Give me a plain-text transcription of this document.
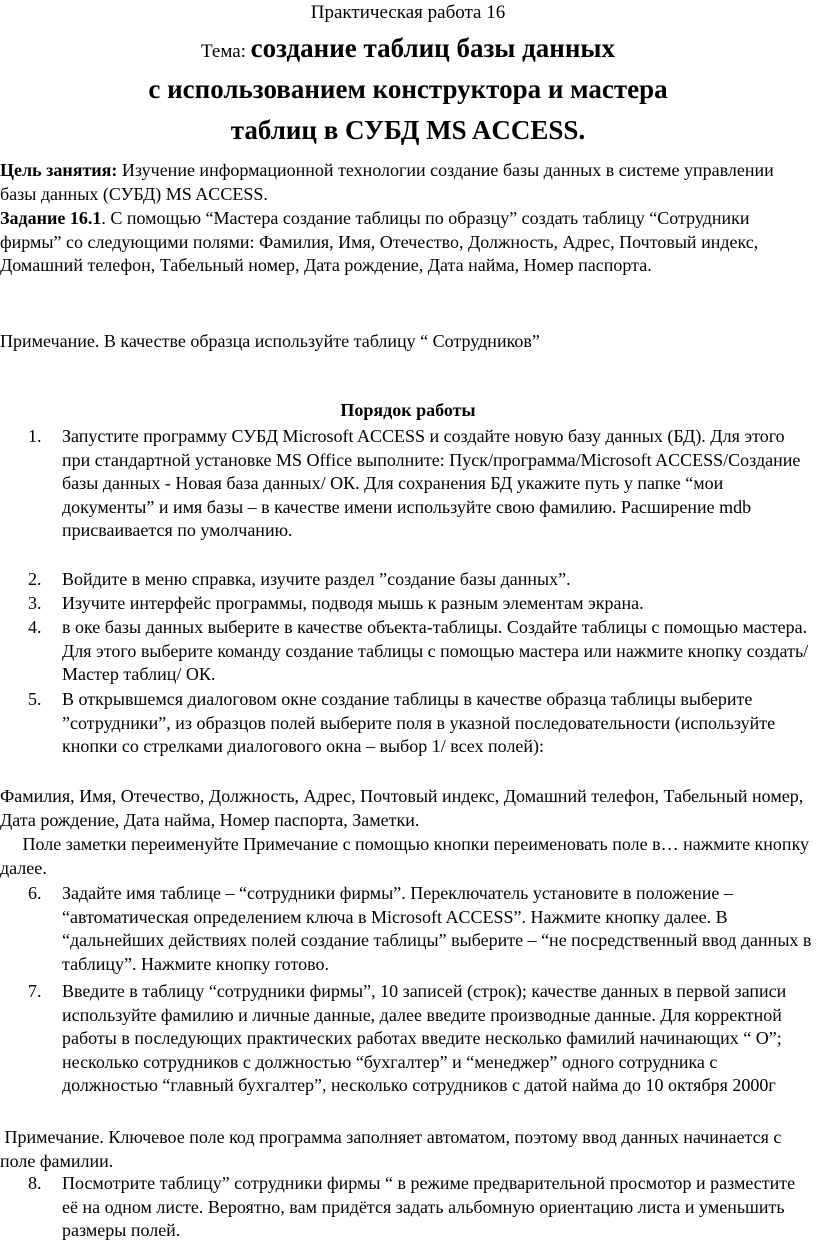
Практическая работа 16
Тема: создание таблиц базы данных
с использованием конструктора и мастера
таблиц в СУБД MS ACCESS.
Цель занятия: Изучение информационной технологии создание базы данных в системе управлении базы данных (СУБД) MS ACCESS.
Задание 16.1. С помощью “Мастера создание таблицы по образцу” создать таблицу “Сотрудники фирмы” со следующими полями: Фамилия, Имя, Отечество, Должность, Адрес, Почтовый индекс, Домашний телефон, Табельный номер, Дата рождение, Дата найма, Номер паспорта.
Примечание. В качестве образца используйте таблицу “ Сотрудников”
Порядок работы
1.	Запустите программу СУБД Microsoft ACCESS и создайте новую базу данных (БД). Для этого при стандартной установке MS Office выполните: Пуск/программа/Microsoft ACCESS/Создание базы данных - Новая база данных/ ОК. Для сохранения БД укажите путь у папке “мои документы” и имя базы – в качестве имени используйте свою фамилию. Расширение mdb присваивается по умолчанию.
2.	Войдите в меню справка, изучите раздел ”создание базы данных”.
3.	Изучите интерфейс программы, подводя мышь к разным элементам экрана.
4.	в оке базы данных выберите в качестве объекта-таблицы. Создайте таблицы с помощью мастера. Для этого выберите команду создание таблицы с помощью мастера или нажмите кнопку создать/Мастер таблиц/ ОК.
5.	В открывшемся диалоговом окне создание таблицы в качестве образца таблицы выберите ”сотрудники”, из образцов полей выберите поля в указной последовательности (используйте кнопки со стрелками диалогового окна – выбор 1/ всех полей):
Фамилия, Имя, Отечество, Должность, Адрес, Почтовый индекс, Домашний телефон, Табельный номер, Дата рождение, Дата найма, Номер паспорта, Заметки.
Поле заметки переименуйте Примечание с помощью кнопки переименовать поле в… нажмите кнопку далее.
6.	Задайте имя таблице – “сотрудники фирмы”. Переключатель установите в положение – “автоматическая определением ключа в Microsoft ACCESS”. Нажмите кнопку далее. В “дальнейших действиях полей создание таблицы” выберите – “не посредственный ввод данных в таблицу”. Нажмите кнопку готово.
7.	Введите в таблицу “сотрудники фирмы”, 10 записей (строк); качестве данных в первой записи используйте фамилию и личные данные, далее введите производные данные. Для корректной работы в последующих практических работах введите несколько фамилий начинающих “ О”; несколько сотрудников с должностью “бухгалтер” и “менеджер” одного сотрудника с должностью “главный бухгалтер”, несколько сотрудников с датой найма до 10 октября 2000г
Примечание. Ключевое поле код программа заполняет автоматом, поэтому ввод данных начинается с поле фамилии.
8.	Посмотрите таблицу” сотрудники фирмы “ в режиме предварительной просмотор и разместите её на одном листе. Вероятно, вам придётся задать альбомную ориентацию листа и уменьшить размеры полей.
